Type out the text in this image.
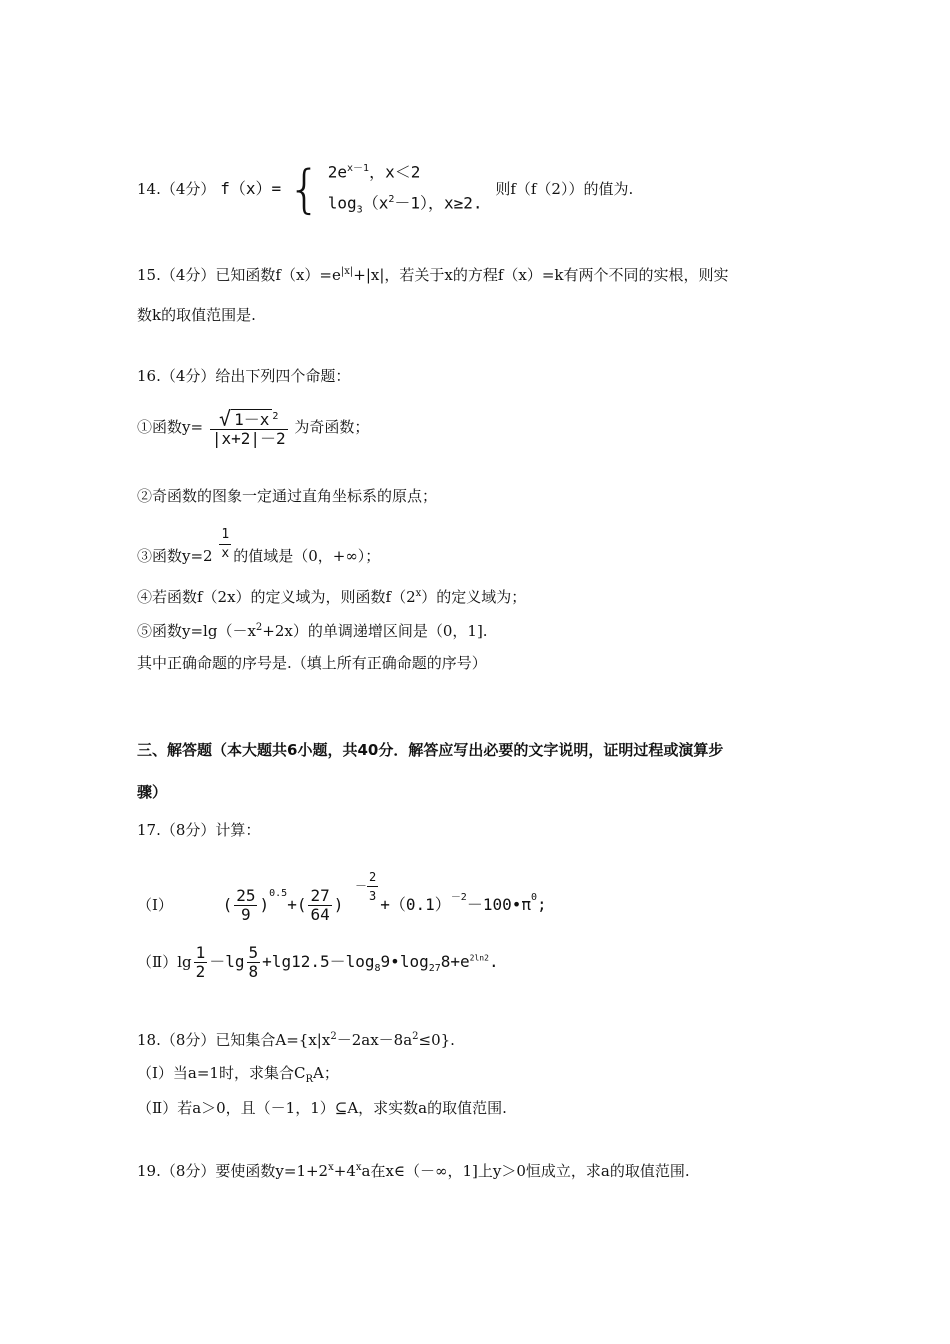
14.（4分） f（x）= { $2e^{x-1}$，x＜2
$\log_3(x^2-1)$，x≥2.
则f（f（2））的值为.
15.（4分）已知函数$f(x)=e^{|x|}+|x|$，若关于x的方程f（x）=k有两个不同的实根，则实
数k的取值范围是.
16.（4分）给出下列四个命题：
①函数$y= \frac{√ 1-x ^2}{|x+2|-2}$ 为奇函数；
②奇函数的图象一定通过直角坐标系的原点；
③函数$y=2 \frac{1}{x}$ 的值域是（0，+∞）；
④若函数f（2x）的定义域为，则函数f（2$^x$）的定义域为；
⑤函数$y=\lg(-x^2+2x)$的单调递增区间是（0，1].
其中正确命题的序号是.（填上所有正确命题的序号）
三、解答题（本大题共6小题，共40分．解答应写出必要的文字说明，证明过程或演算步
骤）
17.（8分）计算：
（Ⅰ）	( $\frac{25}{9} )^{0.5}+( \frac{27}{64}$ ) － $\frac{2}{3}$ $+(0.1)^{-2}-100•\pi^0$;
（Ⅱ）lg $\frac{1}{2} -\lg \frac{5}{8}$ $+\lg 12.5-\log_89•\log_{27}8+e^{2ln2}$.
18.（8分）已知集合$A=\{x|x^2-2ax-8a^2\le 0\}$.
（Ⅰ）当a=1时，求集合$C_RA$；
（Ⅱ）若a＞0，且（－1，1）⊆A，求实数a的取值范围.
19.（8分）要使函数$y=1+2^x+4^xa$在x∈（－∞，1]上y＞0恒成立，求a的取值范围.
